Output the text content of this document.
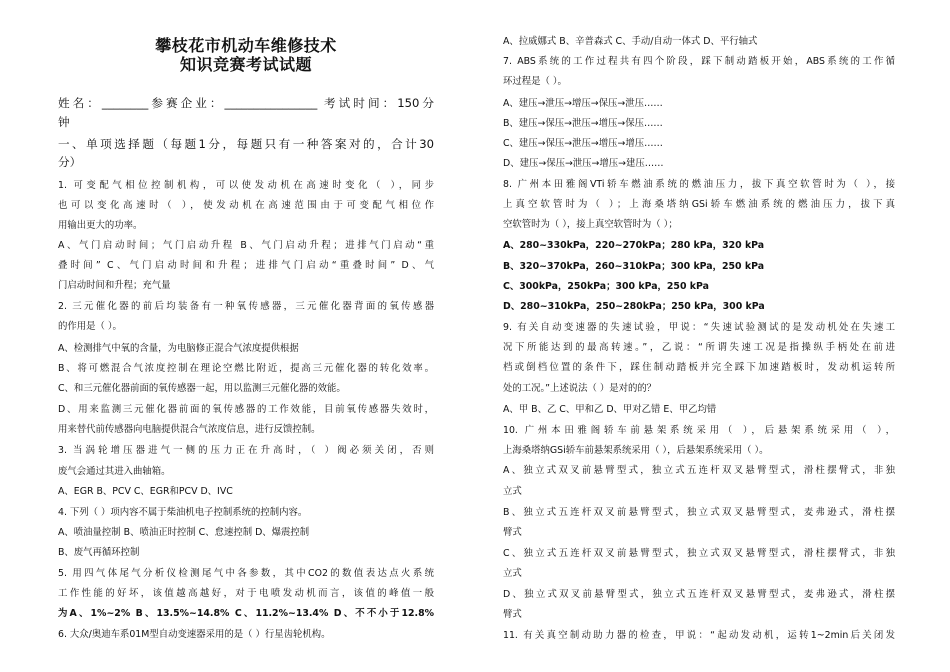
攀枝花市机动车维修技术
知识竞赛考试试题
姓名：________参赛企业：________________ 考试时间：150分
钟
一、单项选择题（每题1分，每题只有一种答案对的，合计30
分）
1. 可变配气相位控制机构，可以使发动机在高速时变化（ ），同步
也可以变化高速时（ ），使发动机在高速范围由于可变配气相位作
用输出更大的功率。
A、气门启动时间；气门启动升程 B、气门启动升程；进排气门启动“重
叠时间” C、气门启动时间和升程；进排气门启动“重叠时间” D、气
门启动时间和升程；充气量
2. 三元催化器的前后均装备有一种氧传感器，三元催化器背面的氧传感器
的作用是（ ）。
A、检测排气中氧的含量，为电脑修正混合气浓度提供根据
B、将可燃混合气浓度控制在理论空燃比附近，提高三元催化器的转化效率。
C、和三元催化器前面的氧传感器一起，用以监测三元催化器的效能。
D、用来监测三元催化器前面的氧传感器的工作效能，目前氧传感器失效时，
用来替代前传感器向电脑提供混合气浓度信息，进行反馈控制。
3. 当涡轮增压器进气一侧的压力正在升高时，（ ）阀必须关闭，否则
废气会通过其进入曲轴箱。
A、EGR B、PCV C、EGR和PCV D、IVC
4. 下列（ ）项内容不属于柴油机电子控制系统的控制内容。
A、喷油量控制 B、喷油正时控制 C、怠速控制 D、爆震控制
B、废气再循环控制
5. 用四气体尾气分析仪检测尾气中各参数，其中CO2的数值表达点火系统
工作性能的好坏，该值越高越好，对于电喷发动机而言，该值的峰值一般
为A、1%~2% B、13.5%~14.8% C、11.2%~13.4% D、不不小于12.8%
6. 大众/奥迪车系01M型自动变速器采用的是（ ）行星齿轮机构。
A、拉威娜式 B、辛普森式 C、手动/自动一体式 D、平行轴式
7. ABS系统的工作过程共有四个阶段，踩下制动踏板开始，ABS系统的工作循
环过程是（ ）。
A、建压→泄压→增压→保压→泄压……
B、建压→保压→泄压→增压→保压……
C、建压→保压→泄压→增压→增压……
D、建压→保压→泄压→增压→建压……
8. 广州本田雅阁VTi轿车燃油系统的燃油压力，拔下真空软管时为（ ），接
上真空软管时为（ ）；上海桑塔纳GSi轿车燃油系统的燃油压力，拔下真
空软管时为（ ），接上真空软管时为（ ）；
A、280~330kPa，220~270kPa；280 kPa，320 kPa
B、320~370kPa，260~310kPa；300 kPa，250 kPa
C、300kPa，250kPa；300 kPa，250 kPa
D、280~310kPa，250~280kPa；250 kPa，300 kPa
9. 有关自动变速器的失速试验，甲说：“失速试验测试的是发动机处在失速工
况下所能达到的最高转速。”，乙说：“所谓失速工况是指操纵手柄处在前进
档或倒档位置的条件下，踩住制动踏板并完全踩下加速踏板时，发动机运转所
处的工况。”上述说法（ ）是对的的？
A、甲 B、乙 C、甲和乙 D、甲对乙错 E、甲乙均错
10. 广州本田雅阁轿车前悬架系统采用（ ），后悬架系统采用（ ），
上海桑塔纳GSi轿车前悬架系统采用（ ），后悬架系统采用（ ）。
A、独立式双叉前悬臂型式，独立式五连杆双叉悬臂型式，滑柱摆臂式，非独
立式
B、独立式五连杆双叉前悬臂型式，独立式双叉悬臂型式，麦弗逊式，滑柱摆
臂式
C、独立式五连杆双叉前悬臂型式，独立式双叉悬臂型式，滑柱摆臂式，非独
立式
D、独立式双叉前悬臂型式，独立式五连杆双叉悬臂型式，麦弗逊式，滑柱摆
臂式
11. 有关真空制动助力器的检查，甲说：“起动发动机，运转1~2min后关闭发
